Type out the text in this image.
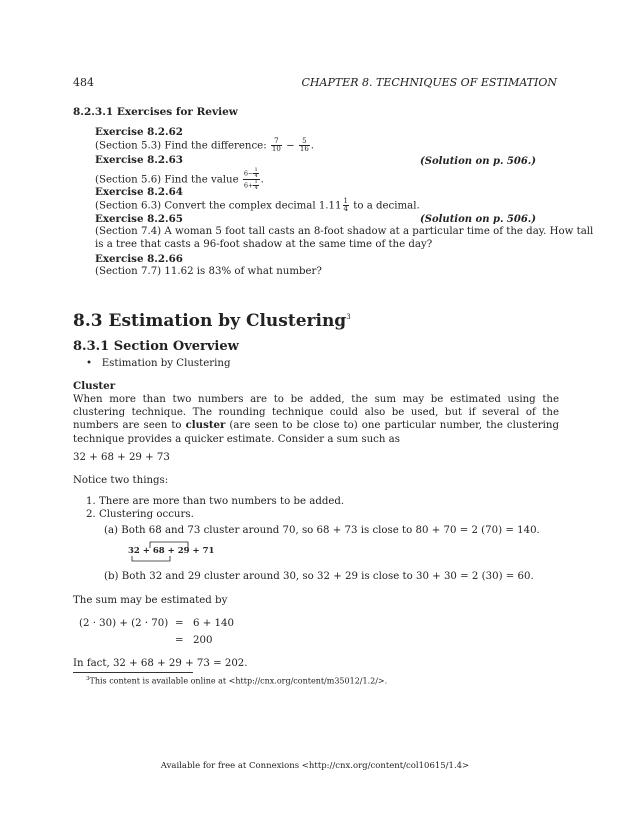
484	CHAPTER 8. TECHNIQUES OF ESTIMATION
8.2.3.1 Exercises for Review
Exercise 8.2.62
(Section 5.3) Find the difference: $\frac{7}{10} - \frac{5}{16}$ .
Exercise 8.2.63	(Solution on p. 506.)
(Section 5.6) Find the value $\frac{6- \frac{1}{4}}{6+ \frac{1}{4}}$ .
Exercise 8.2.64
(Section 6.3) Convert the complex decimal $1.11 \frac{1}{4}$ to a decimal.
Exercise 8.2.65	(Solution on p. 506.)
(Section 7.4) A woman 5 foot tall casts an 8-foot shadow at a particular time of the day. How tall
is a tree that casts a 96-foot shadow at the same time of the day?
Exercise 8.2.66
(Section 7.7) 11.62 is 83% of what number?
8.3 Estimation by Clustering$^3$
8.3.1 Section Overview
• Estimation by Clustering
Cluster
When more than two numbers are to be added, the sum may be estimated using the clustering technique. The rounding technique could also be used, but if several of the numbers are seen to cluster (are seen to be close to) one particular number, the clustering technique provides a quicker estimate. Consider a sum such as
32 + 68 + 29 + 73
Notice two things:
1. There are more than two numbers to be added.
2. Clustering occurs.
(a) Both 68 and 73 cluster around 70, so 68 + 73 is close to 80 + 70 = 2 (70) = 140.
32 + 68 + 29 + 71
(b) Both 32 and 29 cluster around 30, so 32 + 29 is close to 30 + 30 = 2 (30) = 60.
The sum may be estimated by
(2 · 30) + (2 · 70) = 6 + 140
= 200
In fact, 32 + 68 + 29 + 73 = 202.
$^3$This content is available online at <http://cnx.org/content/m35012/1.2/>.
Available for free at Connexions <http://cnx.org/content/col10615/1.4>
